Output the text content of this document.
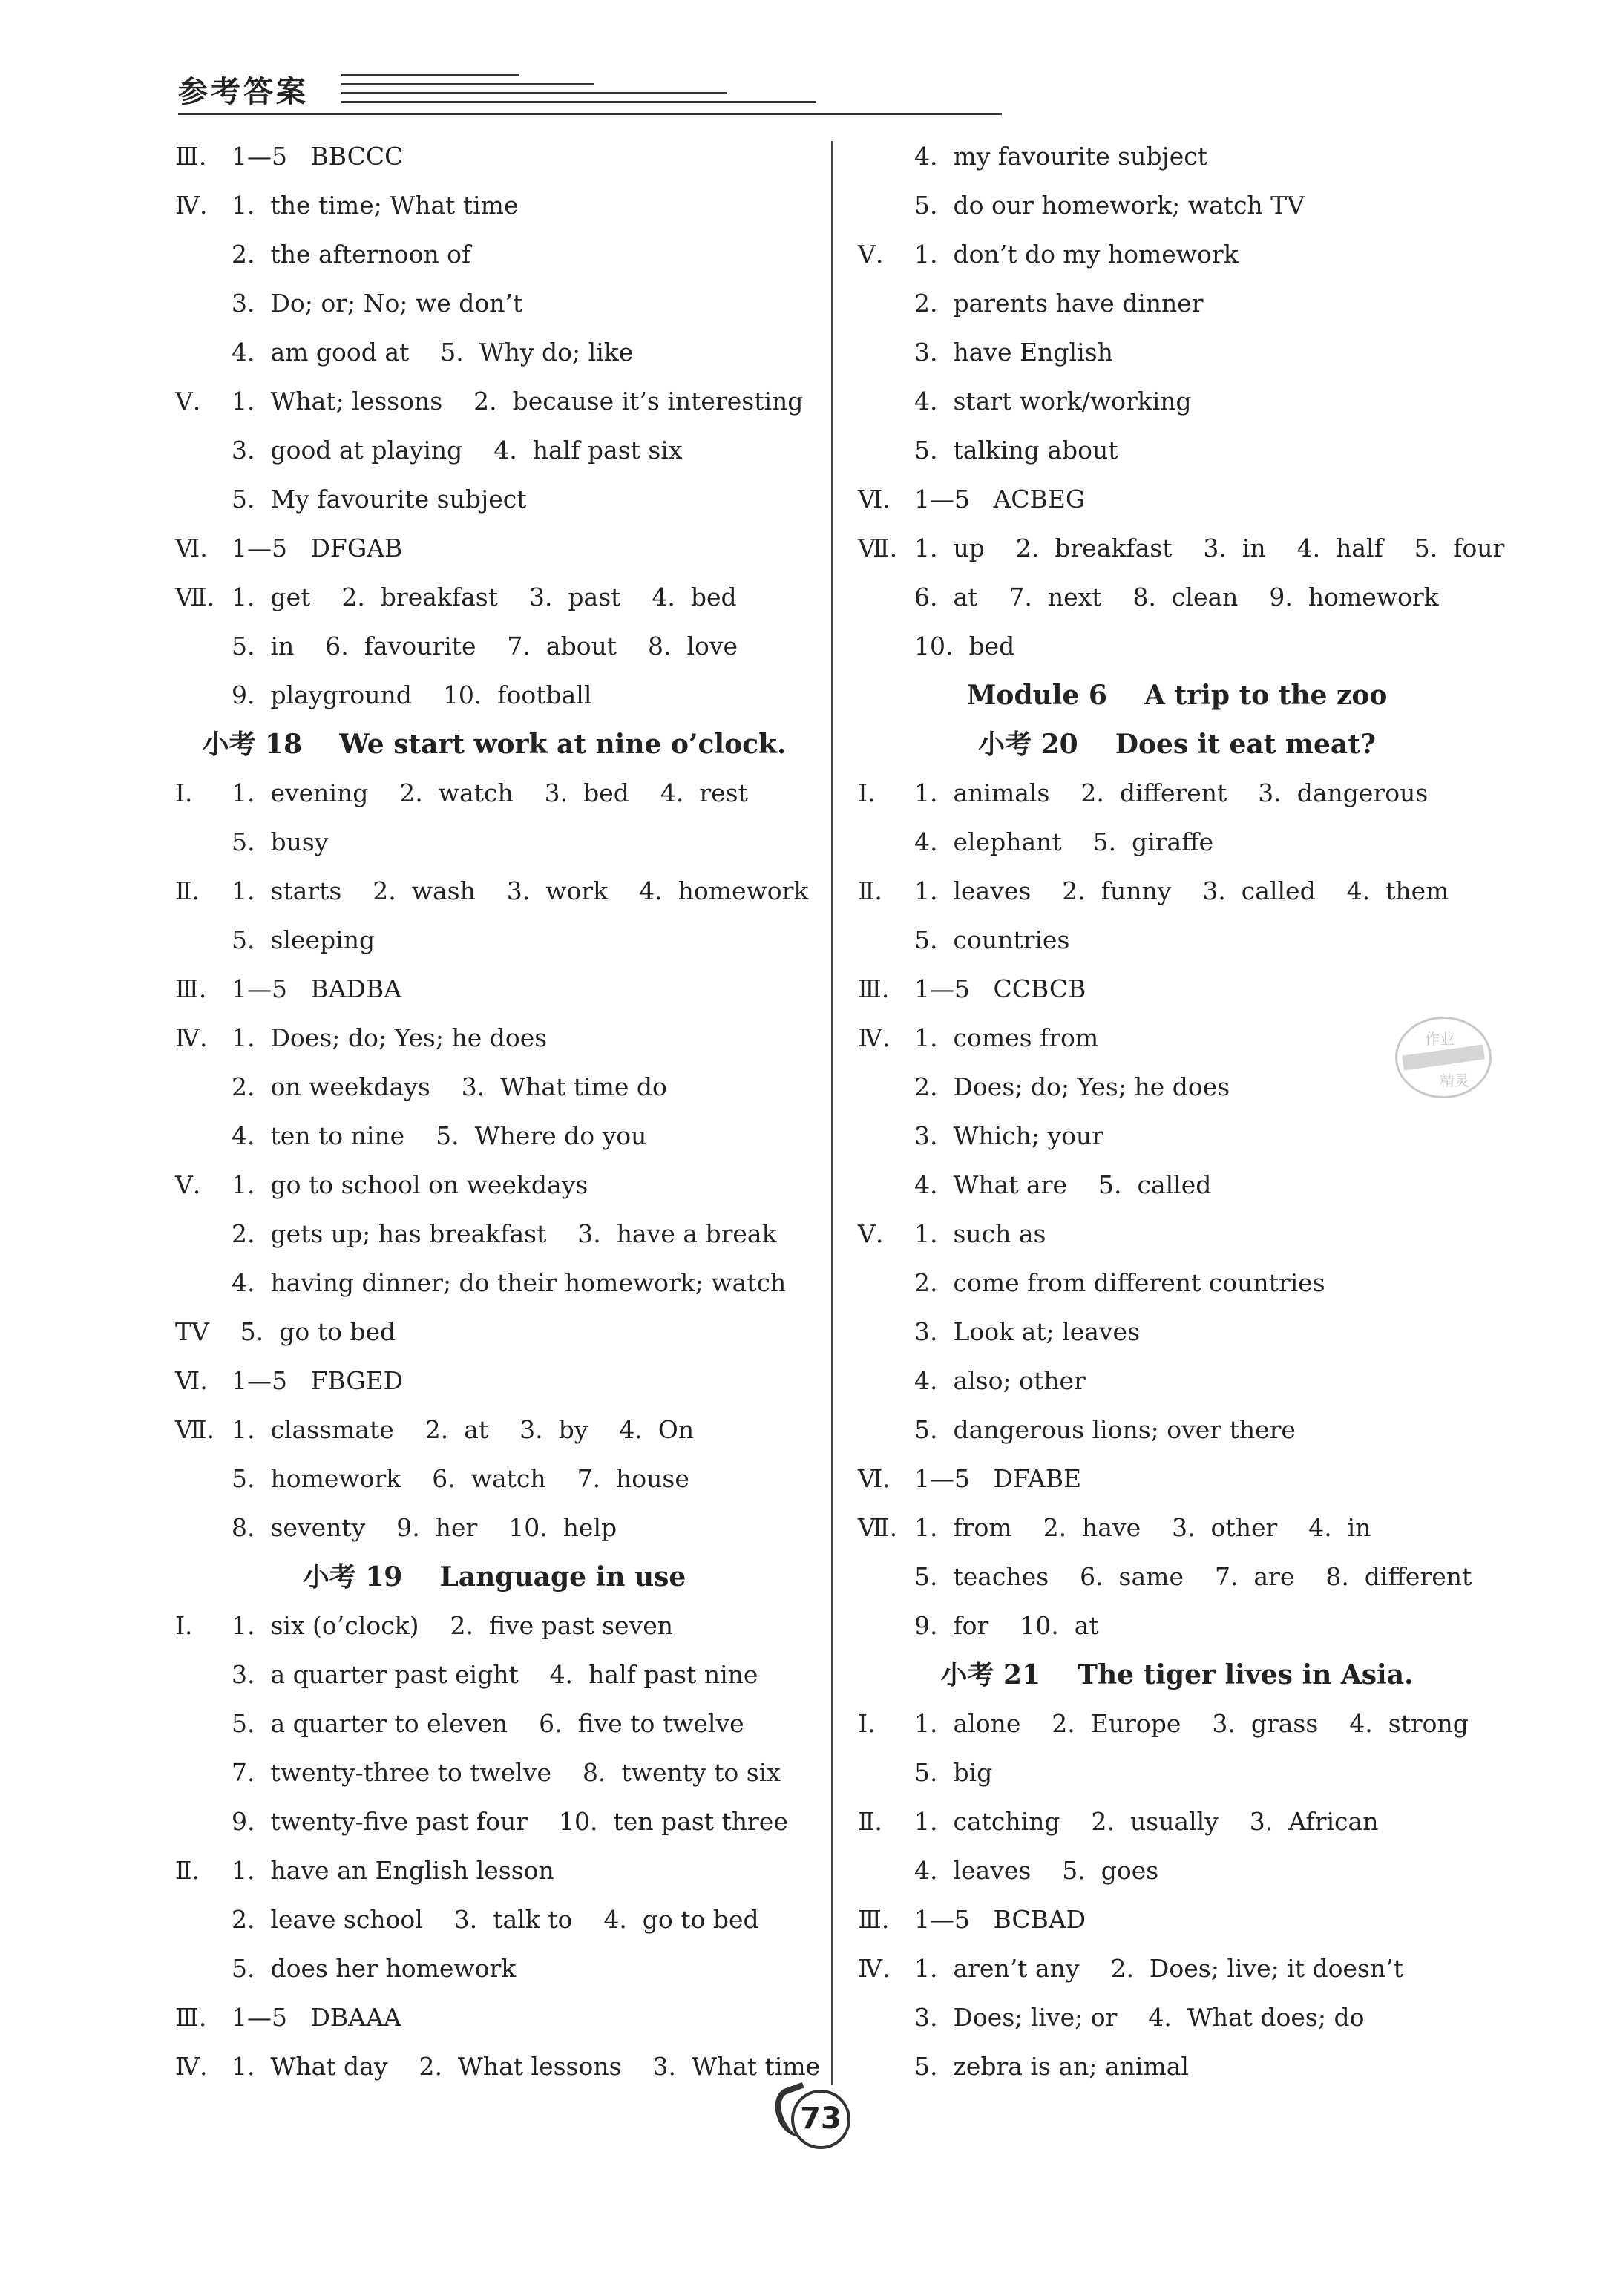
参考答案
Ⅲ. 1—5   BBCCC
Ⅳ. 1.  the time; What time
2.  the afternoon of
3.  Do; or; No; we don’t
4.  am good at    5.  Why do; like
Ⅴ. 1.  What; lessons    2.  because it’s interesting
3.  good at playing    4.  half past six
5.  My favourite subject
Ⅵ. 1—5   DFGAB
Ⅶ. 1.  get    2.  breakfast    3.  past    4.  bed
5.  in    6.  favourite    7.  about    8.  love
9.  playground    10.  football
小考 18    We start work at nine o’clock.
Ⅰ. 1.  evening    2.  watch    3.  bed    4.  rest
5.  busy
Ⅱ. 1.  starts    2.  wash    3.  work    4.  homework
5.  sleeping
Ⅲ. 1—5   BADBA
Ⅳ. 1.  Does; do; Yes; he does
2.  on weekdays    3.  What time do
4.  ten to nine    5.  Where do you
Ⅴ. 1.  go to school on weekdays
2.  gets up; has breakfast    3.  have a break
4.  having dinner; do their homework; watch
TV    5.  go to bed
Ⅵ. 1—5   FBGED
Ⅶ. 1.  classmate    2.  at    3.  by    4.  On
5.  homework    6.  watch    7.  house
8.  seventy    9.  her    10.  help
小考 19    Language in use
Ⅰ. 1.  six (o’clock)    2.  five past seven
3.  a quarter past eight    4.  half past nine
5.  a quarter to eleven    6.  five to twelve
7.  twenty-three to twelve    8.  twenty to six
9.  twenty-five past four    10.  ten past three
Ⅱ. 1.  have an English lesson
2.  leave school    3.  talk to    4.  go to bed
5.  does her homework
Ⅲ. 1—5   DBAAA
Ⅳ. 1.  What day    2.  What lessons    3.  What time
4.  my favourite subject
5.  do our homework; watch TV
Ⅴ. 1.  don’t do my homework
2.  parents have dinner
3.  have English
4.  start work/working
5.  talking about
Ⅵ. 1—5   ACBEG
Ⅶ. 1.  up    2.  breakfast    3.  in    4.  half    5.  four
6.  at    7.  next    8.  clean    9.  homework
10.  bed
Module 6    A trip to the zoo
小考 20    Does it eat meat?
Ⅰ. 1.  animals    2.  different    3.  dangerous
4.  elephant    5.  giraffe
Ⅱ. 1.  leaves    2.  funny    3.  called    4.  them
5.  countries
Ⅲ. 1—5   CCBCB
Ⅳ. 1.  comes from
2.  Does; do; Yes; he does
3.  Which; your
4.  What are    5.  called
Ⅴ. 1.  such as
2.  come from different countries
3.  Look at; leaves
4.  also; other
5.  dangerous lions; over there
Ⅵ. 1—5   DFABE
Ⅶ. 1.  from    2.  have    3.  other    4.  in
5.  teaches    6.  same    7.  are    8.  different
9.  for    10.  at
小考 21    The tiger lives in Asia.
Ⅰ. 1.  alone    2.  Europe    3.  grass    4.  strong
5.  big
Ⅱ. 1.  catching    2.  usually    3.  African
4.  leaves    5.  goes
Ⅲ. 1—5   BCBAD
Ⅳ. 1.  aren’t any    2.  Does; live; it doesn’t
3.  Does; live; or    4.  What does; do
5.  zebra is an; animal
作业
精灵
73
